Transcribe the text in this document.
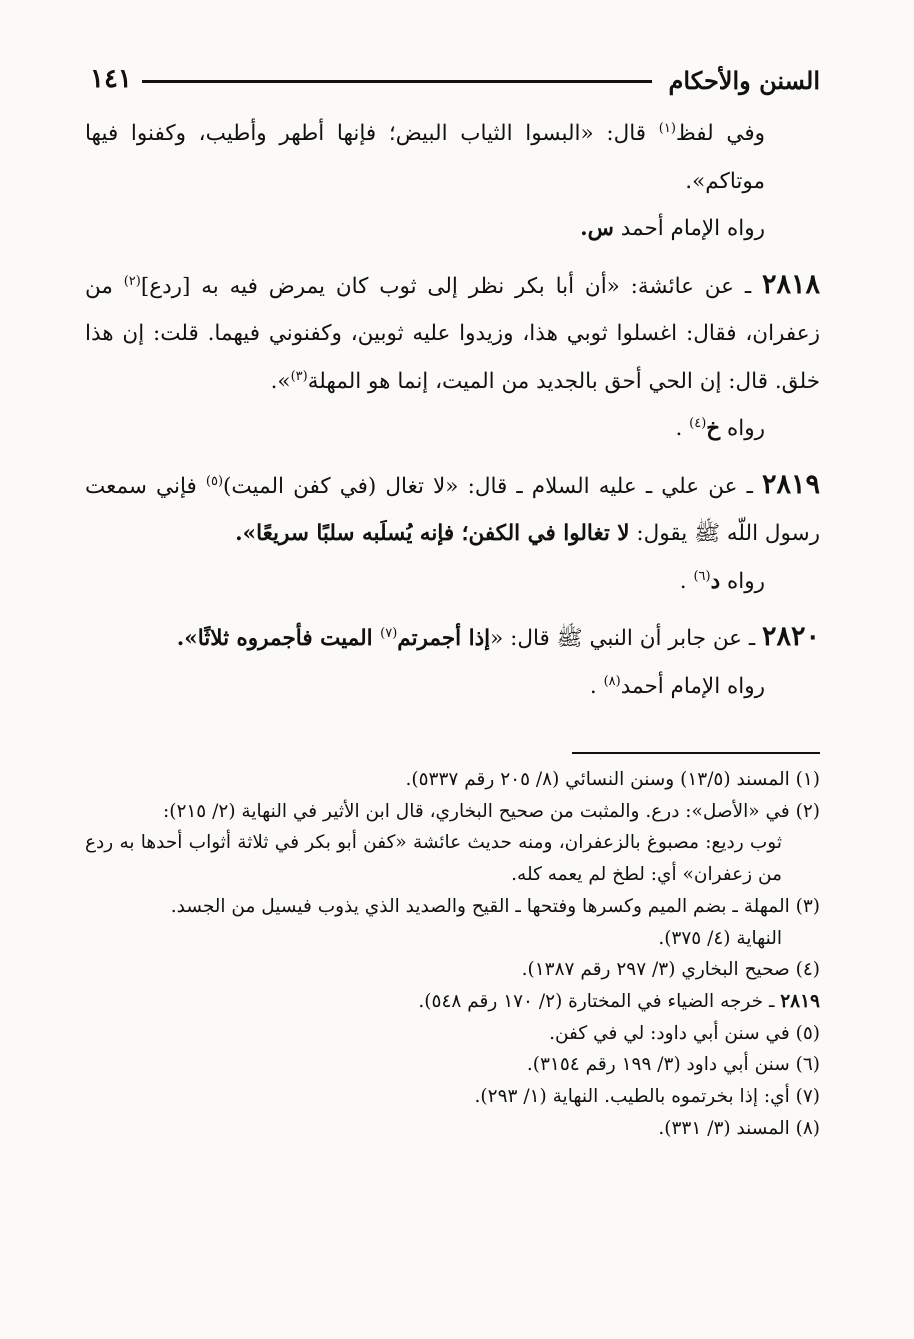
السنن والأحكام
١٤١

وفي لفظ$^{(١)}$ قال: «البسوا الثياب البيض؛ فإنها أطهر وأطيب، وكفنوا فيها موتاكم».

رواه الإمام أحمد س.

٢٨١٨ ـ عن عائشة: «أن أبا بكر نظر إلى ثوب كان يمرض فيه به [ردع]$^{(٢)}$ من زعفران، فقال: اغسلوا ثوبي هذا، وزيدوا عليه ثوبين، وكفنوني فيهما. قلت: إن هذا خلق. قال: إن الحي أحق بالجديد من الميت، إنما هو المهلة$^{(٣)}$».

رواه خ$^{(٤)}$ .

٢٨١٩ ـ عن علي ـ عليه السلام ـ قال: «لا تغال (في كفن الميت)$^{(٥)}$ فإني سمعت رسول اللّه ﷺ يقول: لا تغالوا في الكفن؛ فإنه يُسلَبه سلبًا سريعًا».

رواه د$^{(٦)}$ .

٢٨٢٠ ـ عن جابر أن النبي ﷺ قال: «إذا أجمرتم$^{(٧)}$ الميت فأجمروه ثلاثًا».

رواه الإمام أحمد$^{(٨)}$ .

(١) المسند (١٣/٥) وسنن النسائي (٨/ ٢٠٥ رقم ٥٣٣٧).

(٢) في «الأصل»: درع. والمثبت من صحيح البخاري، قال ابن الأثير في النهاية (٢/ ٢١٥):

ثوب رديع: مصبوغ بالزعفران، ومنه حديث عائشة «كفن أبو بكر في ثلاثة أثواب أحدها به ردع من زعفران» أي: لطخ لم يعمه كله.

(٣) المهلة ـ بضم الميم وكسرها وفتحها ـ القيح والصديد الذي يذوب فيسيل من الجسد.

النهاية (٤/ ٣٧٥).

(٤) صحيح البخاري (٣/ ٢٩٧ رقم ١٣٨٧).

٢٨١٩ ـ خرجه الضياء في المختارة (٢/ ١٧٠ رقم ٥٤٨).

(٥) في سنن أبي داود: لي في كفن.

(٦) سنن أبي داود (٣/ ١٩٩ رقم ٣١٥٤).

(٧) أي: إذا بخرتموه بالطيب. النهاية (١/ ٢٩٣).

(٨) المسند (٣/ ٣٣١).
